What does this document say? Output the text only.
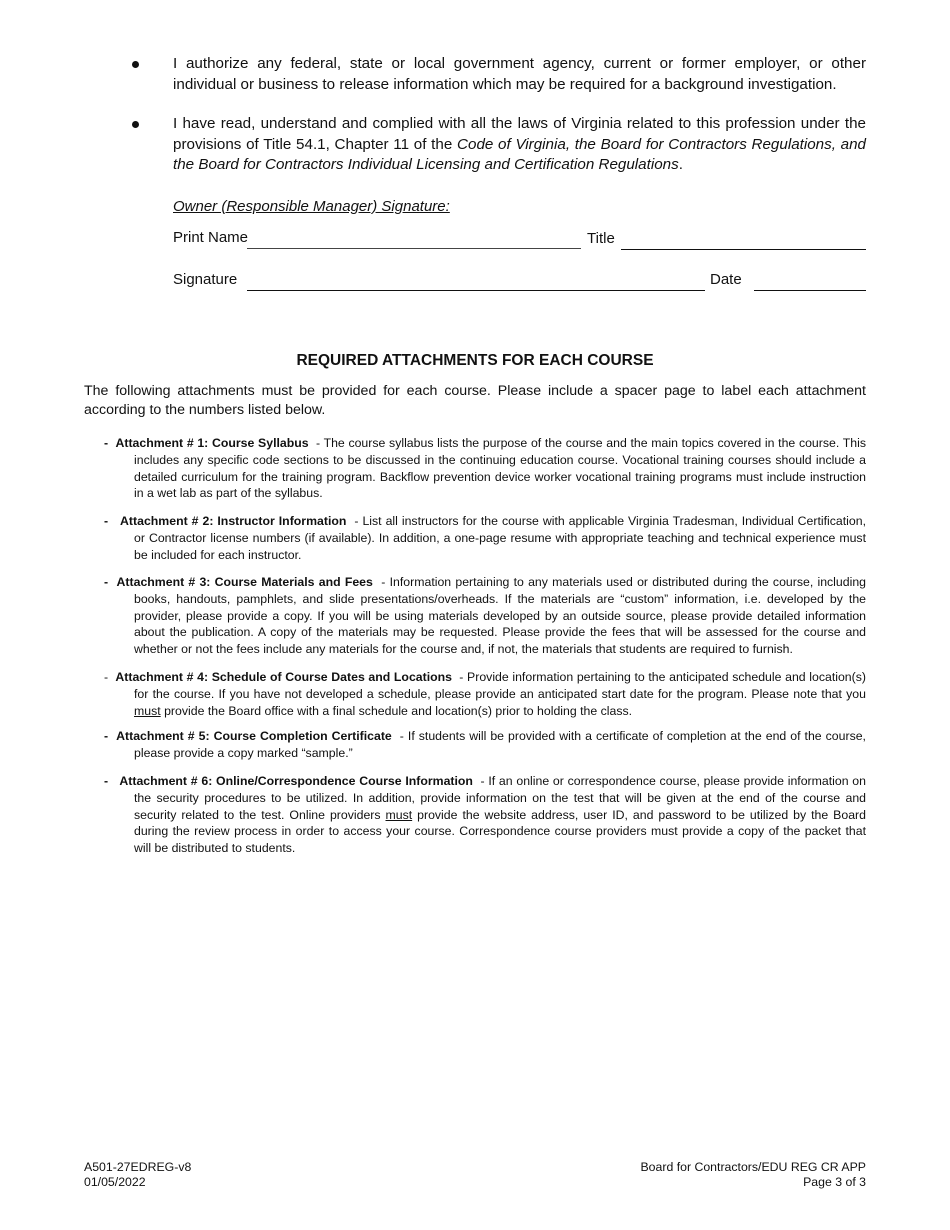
I authorize any federal, state or local government agency, current or former employer, or other individual or business to release information which may be required for a background investigation.
I have read, understand and complied with all the laws of Virginia related to this profession under the provisions of Title 54.1, Chapter 11 of the Code of Virginia, the Board for Contractors Regulations, and the Board for Contractors Individual Licensing and Certification Regulations.
Owner (Responsible Manager) Signature:
Print Name	Title
Signature	Date
REQUIRED ATTACHMENTS FOR EACH COURSE
The following attachments must be provided for each course. Please include a spacer page to label each attachment according to the numbers listed below.
-  Attachment # 1: Course Syllabus  - The course syllabus lists the purpose of the course and the main topics covered in the course. This includes any specific code sections to be discussed in the continuing education course. Vocational training courses should include a detailed curriculum for the training program. Backflow prevention device worker vocational training programs must include instruction in a wet lab as part of the syllabus.
-   Attachment # 2: Instructor Information  - List all instructors for the course with applicable Virginia Tradesman, Individual Certification, or Contractor license numbers (if available). In addition, a one-page resume with appropriate teaching and technical experience must be included for each instructor.
-  Attachment # 3: Course Materials and Fees  - Information pertaining to any materials used or distributed during the course, including books, handouts, pamphlets, and slide presentations/overheads. If the materials are “custom” information, i.e. developed by the provider, please provide a copy. If you will be using materials developed by an outside source, please provide detailed information about the publication. A copy of the materials may be requested. Please provide the fees that will be assessed for the course and whether or not the fees include any materials for the course and, if not, the materials that students are required to furnish.
-  Attachment # 4: Schedule of Course Dates and Locations  - Provide information pertaining to the anticipated schedule and location(s) for the course. If you have not developed a schedule, please provide an anticipated start date for the program. Please note that you must provide the Board office with a final schedule and location(s) prior to holding the class.
-  Attachment # 5: Course Completion Certificate  - If students will be provided with a certificate of completion at the end of the course, please provide a copy marked “sample.”
-   Attachment # 6: Online/Correspondence Course Information  - If an online or correspondence course, please provide information on the security procedures to be utilized. In addition, provide information on the test that will be given at the end of the course and security related to the test. Online providers must provide the website address, user ID, and password to be utilized by the Board during the review process in order to access your course. Correspondence course providers must provide a copy of the packet that will be distributed to students.
A501-27EDREG-v8
01/05/2022
Board for Contractors/EDU REG CR APP
Page 3 of 3
